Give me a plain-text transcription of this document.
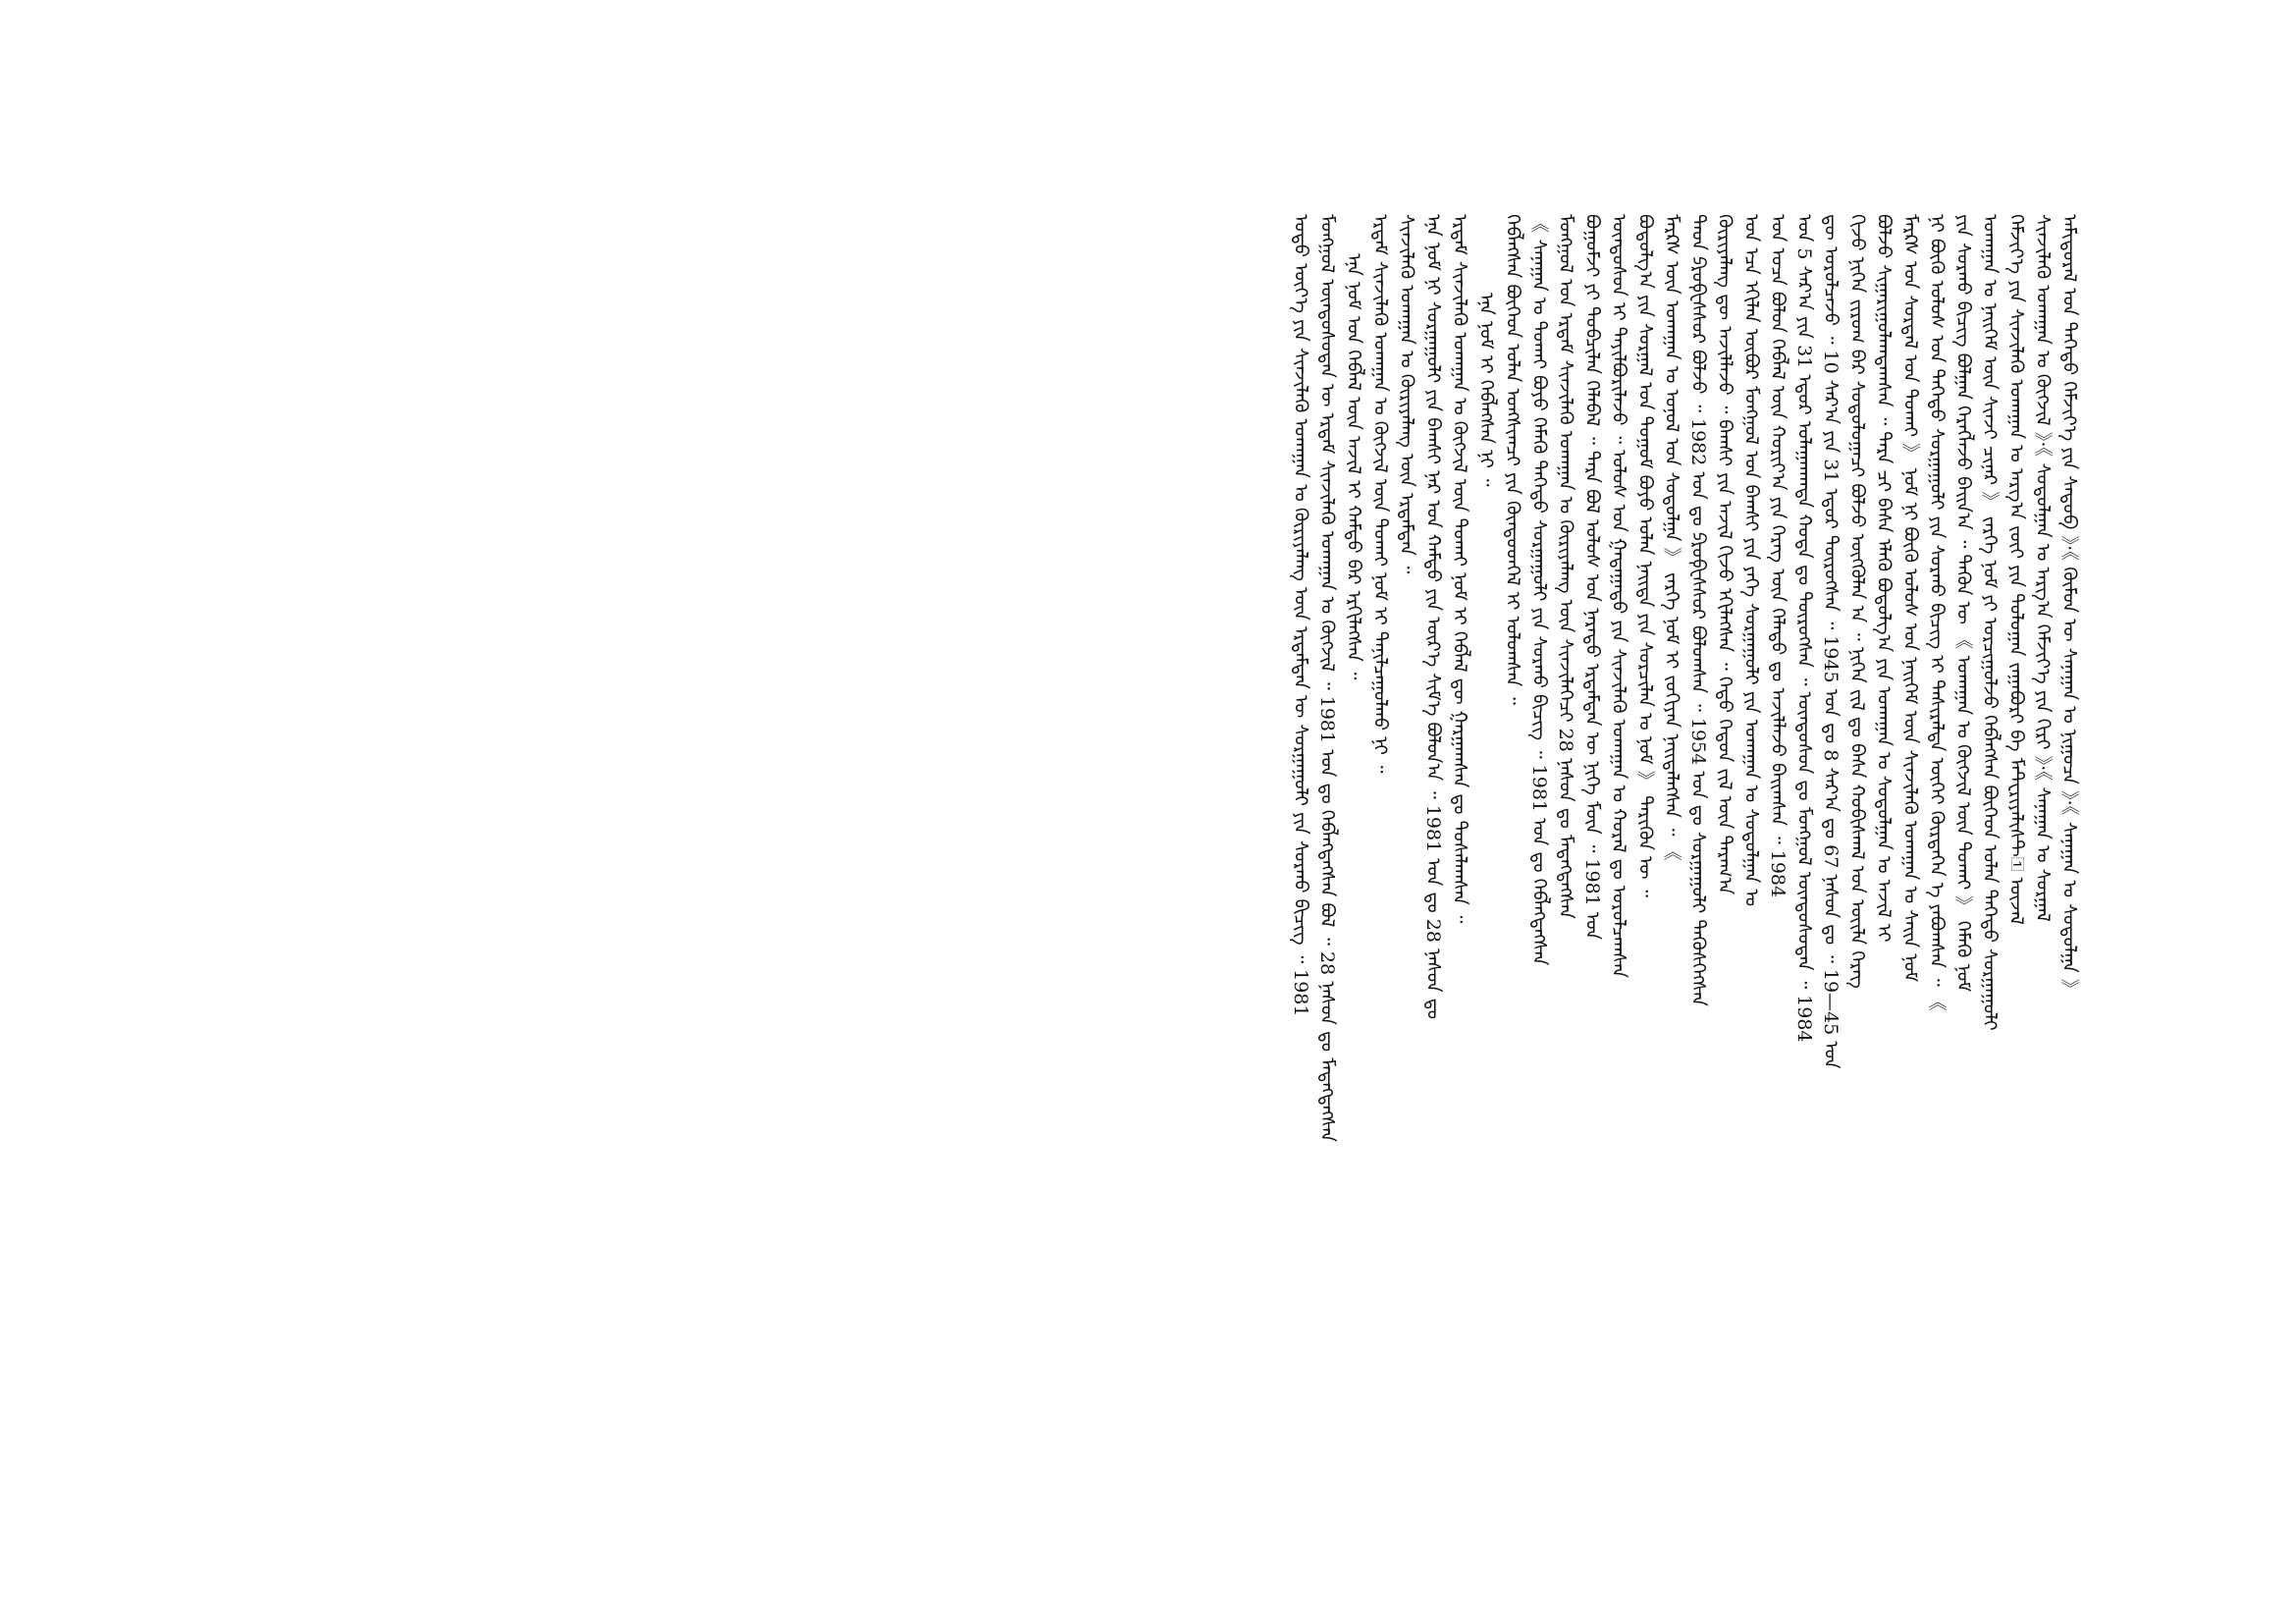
ᠠᠮᠢᠳᠤᠷᠠᠯ ᠤᠨ ᠳᠡᠭᠡᠳᠦ ᠬᠡᠮᠵᠢᠶ᠎ᠡ ᠶᠢᠨ ᠰᠡᠳᠦᠪ 》·《 ᠬᠦᠮᠦᠨ ᠦ ᠰᠠᠨᠠᠭᠠᠨ ᠤ ᠨᠢᠭᠤᠴᠠ 》·《 ᠰᠠᠨᠠᠭᠠᠨ ᠤ ᠰᠤᠳᠤᠯᠭᠠ 》
ᠰᠢᠨᠵᠢᠯᠡᠬᠦ ᠤᠬᠠᠭᠠᠨ ᠤ ᠬᠥᠭᠵᠢᠯ 》·《 ᠰᠤᠳᠤᠯᠭᠠᠨ ᠤ ᠠᠷᠭ᠎ᠠ ᠬᠡᠮᠵᠢᠶ᠎ᠡ ᠶᠢᠨ ᠬᠢᠷᠢ 》·《 ᠰᠠᠨᠠᠭᠠᠨ ᠤ ᠰᠤᠷᠭᠠᠯ
ᠬᠡᠮᠵᠢᠶ᠎ᠡ ᠶᠢᠨ ᠰᠢᠨᠵᠢᠯᠡᠬᠦ ᠤᠬᠠᠭᠠᠨ ᠤ ᠠᠷᠭ᠎ᠠ ᠵᠦᠢ ᠶᠢᠨ ᠳᠣᠯᠣᠭᠠᠨ ᠵᠠᠭᠠᠪᠤᠷᠢ ᠪᠠ ᠮᠠᠲ᠋ᠧᠷᠢᠶᠠᠯᠢᠰᠲ᠋ ᠦᠵᠡᠯ
ᠤᠬᠠᠭᠠᠨ ᠤ ᠨᠡᠢᠭᠡᠮ ᠦᠨ ᠰᠢᠨᠵᠢ ᠴᠢᠨᠠᠷ 》 ᠵᠡᠷᠭᠡ ᠨᠣᠮ ᠶᠢ ᠣᠷᠴᠢᠭᠤᠯᠵᠤ ᠬᠡᠪᠯᠡᠭᠰᠡᠨ ᠪᠥᠭᠡᠳ ᠣᠯᠠᠨ ᠳᠡᠭᠡᠳᠦ ᠰᠤᠷᠭᠠᠭᠤᠯᠢ
ᠶᠢᠨ ᠰᠤᠷᠬᠤ ᠪᠢᠴᠢᠭ ᠪᠣᠯᠭᠠᠨ ᠬᠡᠷᠡᠭᠯᠡᠵᠦ ᠪᠠᠢᠨ᠎ᠠ ᠃ ᠲᠡᠭᠦᠨ ᠦ 《 ᠤᠬᠠᠭᠠᠨ ᠤ ᠬᠥᠭᠵᠢᠯ ᠦᠨ ᠲᠤᠬᠠᠢ 》 ᠬᠡᠮᠡᠬᠦ ᠨᠣᠮ
ᠨᠢ ᠪᠦᠬᠦ ᠤᠯᠤᠰ ᠤᠨ ᠳᠡᠭᠡᠳᠦ ᠰᠤᠷᠭᠠᠭᠤᠯᠢ ᠶᠢᠨ ᠰᠤᠷᠬᠤ ᠪᠢᠴᠢᠭ ᠢ ᠲᠠᠰᠢᠷᠠᠯᠲᠠ ᠦᠭᠡᠢ ᠬᠦᠷᠲᠡᠭᠡᠨ ᠡ ᠶᠠᠪᠤᠭᠰᠠᠨ ᠃ 《
ᠮᠠᠷᠺᠰ ᠤᠨ ᠰᠤᠷᠲᠠᠯ ᠤᠨ ᠲᠤᠬᠠᠢ 》 ᠨᠣᠮ ᠨᠢ ᠪᠦᠬᠦ ᠤᠯᠤᠰ ᠤᠨ ᠨᠡᠢᠭᠡᠮ ᠦᠨ ᠰᠢᠨᠵᠢᠯᠡᠬᠦ ᠤᠬᠠᠭᠠᠨ ᠤ ᠰᠠᠢᠨ ᠨᠣᠮ
ᠪᠣᠯᠵᠤ ᠰᠢᠭᠠᠷᠢᠭᠤᠯᠠᠭᠳᠠᠭᠰᠠᠨ ᠃ ᠲᠡᠷᠡ ᠴᠢ ᠪᠠᠰᠠ ᠡᠯᠡᠬᠦ ᠪᠣᠳᠣᠯᠭ᠎ᠠ ᠶᠢᠨ ᠤᠬᠠᠭᠠᠨ ᠤ ᠰᠤᠳᠤᠯᠭᠠᠨ ᠤ ᠠᠵᠢᠯ ᠢ
ᠬᠢᠵᠦ ᠨᠢᠭᠡᠨ ᠵᠢᠷᠤᠭ ᠪᠡᠷ ᠰᠤᠳᠤᠯᠤᠭᠠᠴᠢ ᠪᠣᠯᠵᠤ ᠥᠭᠬᠦᠯᠡᠨ ᠠ ᠃ ᠨᠢᠭᠡᠨ ᠵᠢᠯ ᠳᠤ ᠪᠠᠰᠠ ᠬᠤᠪᠢᠰᠬᠠᠯ ᠤᠨ ᠦᠢᠯᠡ ᠬᠡᠷᠡᠭ
ᠳᠦ ᠣᠷᠤᠯᠴᠠᠵᠤ ᠃ 10 ᠰᠠᠷ᠎ᠠ ᠶᠢᠨ 31 ᠡᠳᠦᠷ ᠲᠥᠷᠦᠭᠰᠡᠨ ᠃ 1945 ᠣᠨ ᠳᠤ 8 ᠰᠠᠷ᠎ᠠ ᠳᠤ 67 ᠨᠠᠰᠤᠨ ᠳᠤ ᠃ 19—45 ᠣᠨ
ᠤᠨ 5 ᠰᠠᠷ᠎ᠠ ᠶᠢᠨ 31 ᠡᠳᠦᠷ ᠤᠯᠠᠭᠠᠨᠬᠠᠳᠠ ᠬᠣᠲᠠ ᠳᠤ ᠲᠥᠷᠦᠭᠰᠡᠨ ᠃ ᠦᠨᠳᠦᠰᠦᠨ ᠳᠤ ᠮᠣᠩᠭᠣᠯ ᠦᠨᠳᠦᠰᠦᠲᠡᠨ ᠃ 1984
ᠣᠨ ᠤᠴᠠ ᠪᠣᠯᠤᠨ ᠬᠡᠪᠯᠡᠯ ᠦᠨ ᠬᠣᠷᠢᠶ᠎ᠠ ᠶᠢᠨ ᠬᠡᠷᠡᠭ ᠦᠨ ᠬᠡᠯᠡᠲᠦ ᠳᠤ ᠠᠵᠢᠯᠯᠠᠵᠤ ᠪᠠᠢᠭᠰᠠᠨ ᠃ 1984
ᠣᠨ ᠡᠴᠡ ᠡᠬᠢᠯᠡᠨ ᠥᠪᠥᠷ ᠮᠣᠩᠭᠣᠯ ᠤᠨ ᠪᠠᠭᠰᠢ ᠶᠢᠨ ᠶᠡᠬᠡ ᠰᠤᠷᠭᠠᠭᠤᠯᠢ ᠶᠢᠨ ᠤᠬᠠᠭᠠᠨ ᠤ ᠰᠤᠳᠤᠯᠭᠠᠨ ᠤ
ᠬᠦᠷᠢᠶᠡᠯᠡᠩ ᠳᠦ ᠠᠵᠢᠯᠯᠠᠵᠤ ᠃ ᠪᠠᠭᠰᠢ ᠶᠢᠨ ᠠᠵᠢᠯ ᠬᠢᠵᠦ ᠡᠬᠢᠯᠡᠭᠰᠡᠨ ᠃ ᠬᠡᠳᠦ ᠬᠡᠳᠦᠨ ᠵᠢᠯ ᠦᠨ ᠳᠠᠷᠠᠭ᠎ᠠ
ᠳᠡᠳ ᠫᠷᠣᠹᠧᠰᠰᠣᠷ ᠪᠣᠯᠵᠤ ᠃ 1982 ᠣᠨ ᠳᠤ ᠫᠷᠣᠹᠧᠰᠰᠣᠷ ᠪᠣᠯᠤᠭᠰᠠᠨ ᠃ 1954 ᠣᠨ ᠳᠤ ᠰᠤᠷᠭᠠᠭᠤᠯᠢ ᠲᠡᠭᠦᠰᠬᠡᠭᠰᠡᠨ
ᠮᠠᠷᠺᠰ ᠦᠨ ᠤᠬᠠᠭᠠᠨ ᠤ ᠣᠨᠣᠯ ᠤᠨ ᠰᠤᠳᠤᠯᠭᠠ 》 ᠵᠡᠷᠭᠡ ᠨᠣᠮ ᠢ ᠵᠣᠬᠢᠶᠠᠨ ᠨᠡᠢᠲᠡᠯᠡᠭᠰᠡᠨ ᠃ 《
ᠪᠣᠳᠣᠯᠭ᠎ᠠ ᠶᠢᠨ ᠰᠤᠷᠭᠠᠯ ᠤᠨ ᠲᠤᠭᠤᠮ ᠪᠤᠶᠤ ᠣᠯᠠᠨ ᠨᠡᠢᠲᠡ ᠶᠢᠨ ᠰᠤᠷᠴᠢᠯᠠᠨ ᠤ ᠨᠣᠮ 》 ᠲᠡᠷᠢᠭᠦᠨ ᠦ ᠃
ᠦᠨᠳᠦᠰᠦᠨ ᠢ ᠲᠠᠶᠢᠯᠪᠤᠷᠢᠯᠠᠵᠤ ᠃ ᠤᠯᠤᠰ ᠤᠨ ᠭᠠᠳᠠᠭᠠᠳᠤ ᠶᠢᠨ ᠰᠢᠨᠵᠢᠯᠡᠬᠦ ᠤᠬᠠᠭᠠᠨ ᠤ ᠬᠤᠷᠠᠯ ᠳᠤ ᠣᠷᠤᠯᠴᠠᠭᠰᠠᠨ
ᠪᠣᠭᠤᠮᠵᠢ ᠶᠢ ᠲᠣᠪᠴᠢᠯᠠᠨ ᠬᠡᠯᠡᠪᠡᠯ ᠃ ᠲᠡᠷᠡ ᠪᠣᠯ ᠤᠯᠤᠰ ᠤᠨ ᠨᠡᠷᠡᠲᠦ ᠡᠷᠳᠡᠮᠲᠡᠨ ᠦ ᠨᠢᠭᠡ ᠮᠥᠨ ᠃ 1981 ᠣᠨ
ᠮᠣᠩᠭᠣᠯ ᠤᠨ ᠡᠷᠳᠡᠮ ᠰᠢᠨᠵᠢᠯᠡᠬᠦ ᠤᠬᠠᠭᠠᠨ ᠤ ᠬᠦᠷᠢᠶᠡᠯᠡᠩ ᠦᠨ ᠰᠢᠨᠵᠢᠯᠡᠬᠡᠴᠢ 28 ᠨᠠᠰᠤᠨ ᠳᠤ ᠮᠡᠳᠡᠭᠳᠡᠭᠰᠡᠨ
《 ᠰᠠᠨᠠᠭᠠᠨ ᠤ ᠲᠤᠬᠠᠢ ᠪᠤᠶᠤ ᠬᠡᠮᠡᠬᠦ ᠳᠡᠭᠡᠳᠦ ᠰᠤᠷᠭᠠᠭᠤᠯᠢ ᠶᠢᠨ ᠰᠤᠷᠬᠤ ᠪᠢᠴᠢᠭ ᠃ 1981 ᠣᠨ ᠳᠤ ᠬᠡᠪᠯᠡᠭᠳᠡᠭᠰᠡᠨ
ᠬᠡᠪᠯᠡᠭᠰᠡᠨ ᠪᠥᠭᠡᠳ ᠣᠯᠠᠨ ᠤᠩᠰᠢᠭᠴᠢ ᠶᠢᠨ ᠬᠦᠨᠳᠦᠳᠬᠡᠯ ᠢ ᠣᠯᠤᠭᠰᠠᠨ ᠃
ᠡᠨᠡ ᠨᠣᠮ ᠢ ᠬᠡᠪᠯᠡᠭᠰᠡᠨ ᠨᠢ ᠃
ᠡᠷᠳᠡᠮ ᠰᠢᠨᠵᠢᠯᠡᠬᠦ ᠤᠬᠠᠭᠠᠨ ᠤ ᠬᠥᠭᠵᠢᠯ ᠦᠨ ᠲᠤᠬᠠᠢ ᠨᠣᠮ ᠢ ᠬᠡᠪᠯᠡᠯ ᠳᠦ ᠭᠠᠷᠭᠠᠭᠰᠠᠨ ᠳᠤ ᠲᠤᠰᠠᠯᠠᠭᠰᠠᠨ ᠃
ᠡᠨᠡ ᠨᠣᠮ ᠨᠢ ᠰᠤᠷᠭᠠᠭᠤᠯᠢ ᠶᠢᠨ ᠪᠠᠭᠰᠢ ᠨᠠᠷ ᠤᠨ ᠬᠠᠮᠲᠤ ᠶᠢᠨ ᠦᠷ᠎ᠡ ᠰᠢᠮ᠎ᠡ ᠪᠣᠯᠤᠨ᠎ᠠ ᠃ 1981 ᠣᠨ ᠳᠤ 28 ᠨᠠᠰᠤᠨ ᠳᠤ
ᠰᠢᠨᠵᠢᠯᠡᠬᠦ ᠤᠬᠠᠭᠠᠨ ᠤ ᠬᠦᠷᠢᠶᠡᠯᠡᠩ ᠦᠨ ᠡᠷᠳᠡᠮᠲᠡᠨ ᠃
ᠡᠷᠳᠡᠮ ᠰᠢᠨᠵᠢᠯᠡᠬᠦ ᠤᠬᠠᠭᠠᠨ ᠤ ᠬᠥᠭᠵᠢᠯ ᠦᠨ ᠲᠤᠬᠠᠢ ᠨᠣᠮ ᠢ ᠲᠠᠨᠢᠯᠴᠠᠭᠤᠯᠬᠤ ᠨᠢ ᠃
ᠡᠨᠡ ᠨᠣᠮ ᠤᠨ ᠬᠡᠪᠯᠡᠯ ᠦᠨ ᠠᠵᠢᠯ ᠢ ᠬᠠᠮᠲᠤ ᠪᠡᠷ ᠡᠷᠬᠢᠯᠡᠭᠰᠡᠨ ᠃
ᠮᠣᠩᠭᠣᠯ ᠦᠨᠳᠦᠰᠦᠲᠡᠨ ᠦ ᠡᠷᠳᠡᠮ ᠰᠢᠨᠵᠢᠯᠡᠬᠦ ᠤᠬᠠᠭᠠᠨ ᠤ ᠬᠥᠭᠵᠢᠯ ᠃ 1981 ᠣᠨ ᠳᠤ ᠬᠡᠪᠯᠡᠭᠳᠡᠭᠰᠡᠨ ᠪᠣᠯ ᠃ 28 ᠨᠠᠰᠤᠨ ᠳᠤ ᠮᠡᠳᠡᠭᠳᠡᠭᠰᠡᠨ
ᠣᠳᠣ ᠦᠶ᠎ᠡ ᠶᠢᠨ ᠰᠢᠨᠵᠢᠯᠡᠬᠦ ᠤᠬᠠᠭᠠᠨ ᠤ ᠬᠦᠷᠢᠶᠡᠯᠡᠩ ᠦᠨ ᠡᠷᠳᠡᠮᠲᠡᠨ ᠦ ᠰᠤᠷᠭᠠᠭᠤᠯᠢ ᠶᠢᠨ ᠰᠤᠷᠬᠤ ᠪᠢᠴᠢᠭ ᠃ 1981
